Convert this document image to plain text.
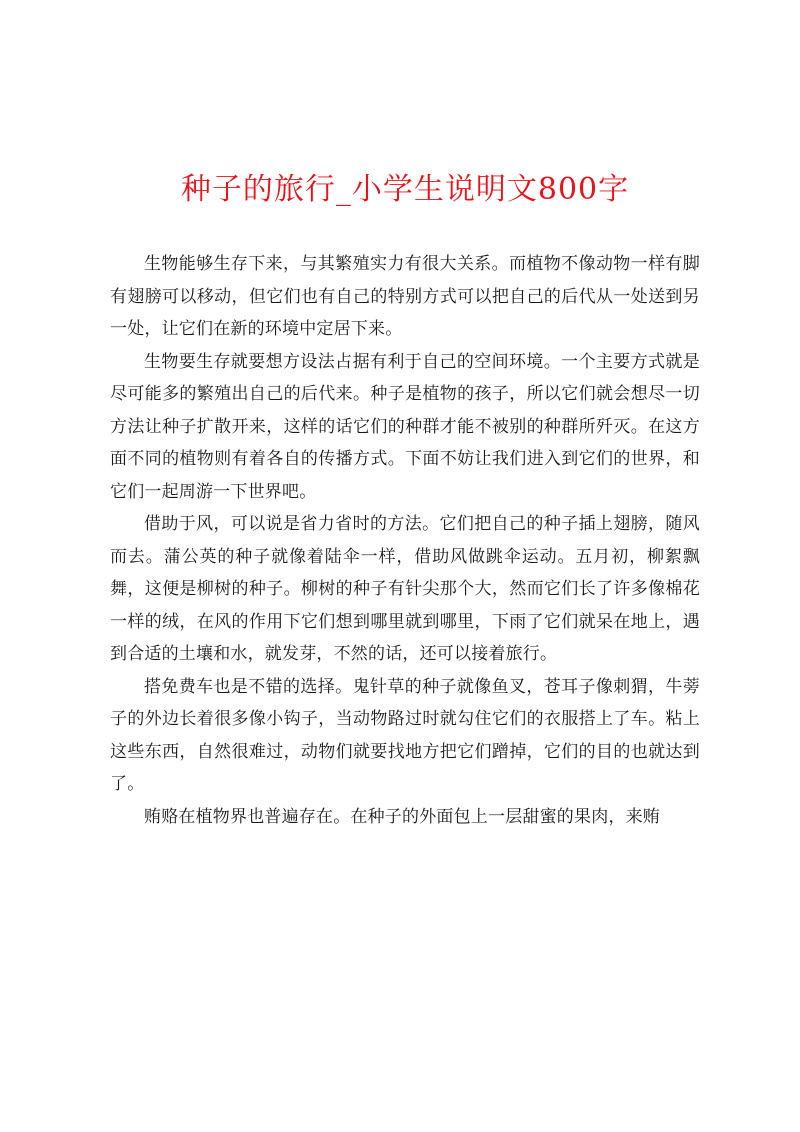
种子的旅行_小学生说明文800字

生物能够生存下来，与其繁殖实力有很大关系。而植物不像动物一样有脚有翅膀可以移动，但它们也有自己的特别方式可以把自己的后代从一处送到另一处，让它们在新的环境中定居下来。

生物要生存就要想方设法占据有利于自己的空间环境。一个主要方式就是尽可能多的繁殖出自己的后代来。种子是植物的孩子，所以它们就会想尽一切方法让种子扩散开来，这样的话它们的种群才能不被别的种群所歼灭。在这方面不同的植物则有着各自的传播方式。下面不妨让我们进入到它们的世界，和它们一起周游一下世界吧。

借助于风，可以说是省力省时的方法。它们把自己的种子插上翅膀，随风而去。蒲公英的种子就像着陆伞一样，借助风做跳伞运动。五月初，柳絮飘舞，这便是柳树的种子。柳树的种子有针尖那个大，然而它们长了许多像棉花一样的绒，在风的作用下它们想到哪里就到哪里，下雨了它们就呆在地上，遇到合适的土壤和水，就发芽，不然的话，还可以接着旅行。

搭免费车也是不错的选择。鬼针草的种子就像鱼叉，苍耳子像刺猬，牛蒡子的外边长着很多像小钩子，当动物路过时就勾住它们的衣服搭上了车。粘上这些东西，自然很难过，动物们就要找地方把它们蹭掉，它们的目的也就达到了。

贿赂在植物界也普遍存在。在种子的外面包上一层甜蜜的果肉，来贿
